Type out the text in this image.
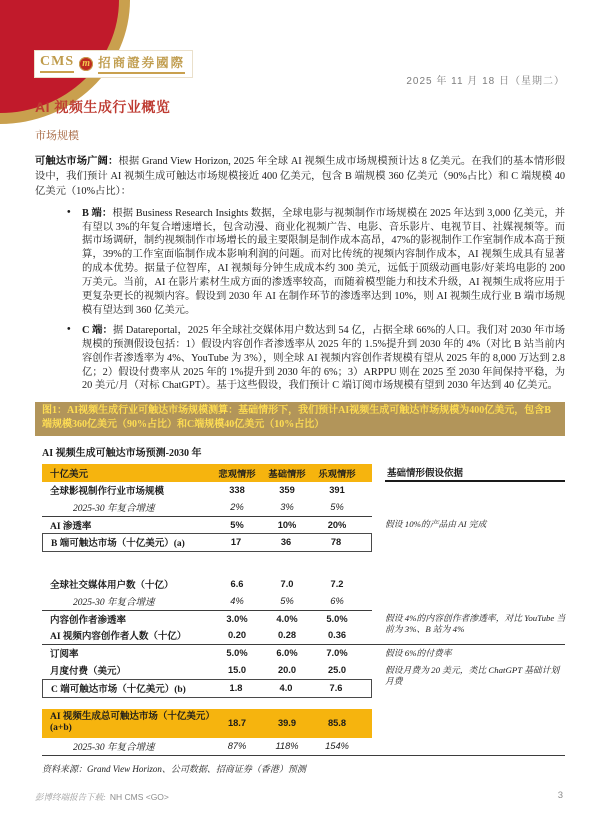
CMS m 招商證券國際
2025 年 11 月 18 日（星期二）
AI 视频生成行业概览
市场规模

可触达市场广阔：根据 Grand View Horizon, 2025 年全球 AI 视频生成市场规模预计达 8 亿美元。在我们的基本情形假设中，我们预计 AI 视频生成可触达市场规模接近 400 亿美元，包含 B 端规模 360 亿美元（90%占比）和 C 端规模 40 亿美元（10%占比）：

• B 端：根据 Business Research Insights 数据，全球电影与视频制作市场规模在 2025 年达到 3,000 亿美元，并有望以 3%的年复合增速增长，包含动漫、商业化视频广告、电影、音乐影片、电视节目、社媒视频等。而据市场调研，制约视频制作市场增长的最主要限制是制作成本高昂，47%的影视制作工作室制作成本高于预算，39%的工作室面临制作成本影响利润的问题。而对比传统的视频内容制作成本，AI 视频生成具有显著的成本优势。据量子位智库，AI 视频每分钟生成成本约 300 美元，远低于顶级动画电影/好莱坞电影的 200 万美元。当前，AI 在影片素材生成方面的渗透率较高，而随着模型能力和技术升级，AI 视频生成将应用于更复杂更长的视频内容。假设到 2030 年 AI 在制作环节的渗透率达到 10%，则 AI 视频生成行业 B 端市场规模有望达到 360 亿美元。
• C 端：据 Datareportal，2025 年全球社交媒体用户数达到 54 亿，占据全球 66%的人口。我们对 2030 年市场规模的预测假设包括：1）假设内容创作者渗透率从 2025 年的 1.5%提升到 2030 年的 4%（对比 B 站当前内容创作者渗透率为 4%、YouTube 为 3%），则全球 AI 视频内容创作者规模有望从 2025 年的 8,000 万达到 2.8 亿；2）假设付费率从 2025 年的 1%提升到 2030 年的 6%；3）ARPPU 则在 2025 至 2030 年间保持平稳，为 20 美元/月（对标 ChatGPT）。基于这些假设，我们预计 C 端订阅市场规模有望到 2030 年达到 40 亿美元。
图1：AI视频生成行业可触达市场规模测算：基础情形下，我们预计AI视频生成可触达市场规模为400亿美元，包含B端规模360亿美元（90%占比）和C端规模40亿美元（10%占比）
AI 视频生成可触达市场预测-2030 年
十亿美元	悲观情形	基础情形	乐观情形	基础情形假设依据
全球影视制作行业市场规模	338	359	391
2025-30 年复合增速	2%	3%	5%
AI 渗透率	5%	10%	20%	假设 10%的产品由 AI 完成
B 端可触达市场（十亿美元）(a)	17	36	78
全球社交媒体用户数（十亿）	6.6	7.0	7.2
2025-30 年复合增速	4%	5%	6%
内容创作者渗透率	3.0%	4.0%	5.0%	假设 4%的内容创作者渗透率，对比 YouTube 当前为 3%、B 站为 4%
AI 视频内容创作者人数（十亿）	0.20	0.28	0.36
订阅率	5.0%	6.0%	7.0%	假设 6%的付费率
月度付费（美元）	15.0	20.0	25.0	假设月费为 20 美元，类比 ChatGPT 基础计划月费
C 端可触达市场（十亿美元）(b)	1.8	4.0	7.6
AI 视频生成总可触达市场（十亿美元）(a+b)	18.7	39.9	85.8
2025-30 年复合增速	87%	118%	154%
资料来源：Grand View Horizon、公司数据、招商证券（香港）预测
彭博终端报告下载: NH CMS <GO>	3
